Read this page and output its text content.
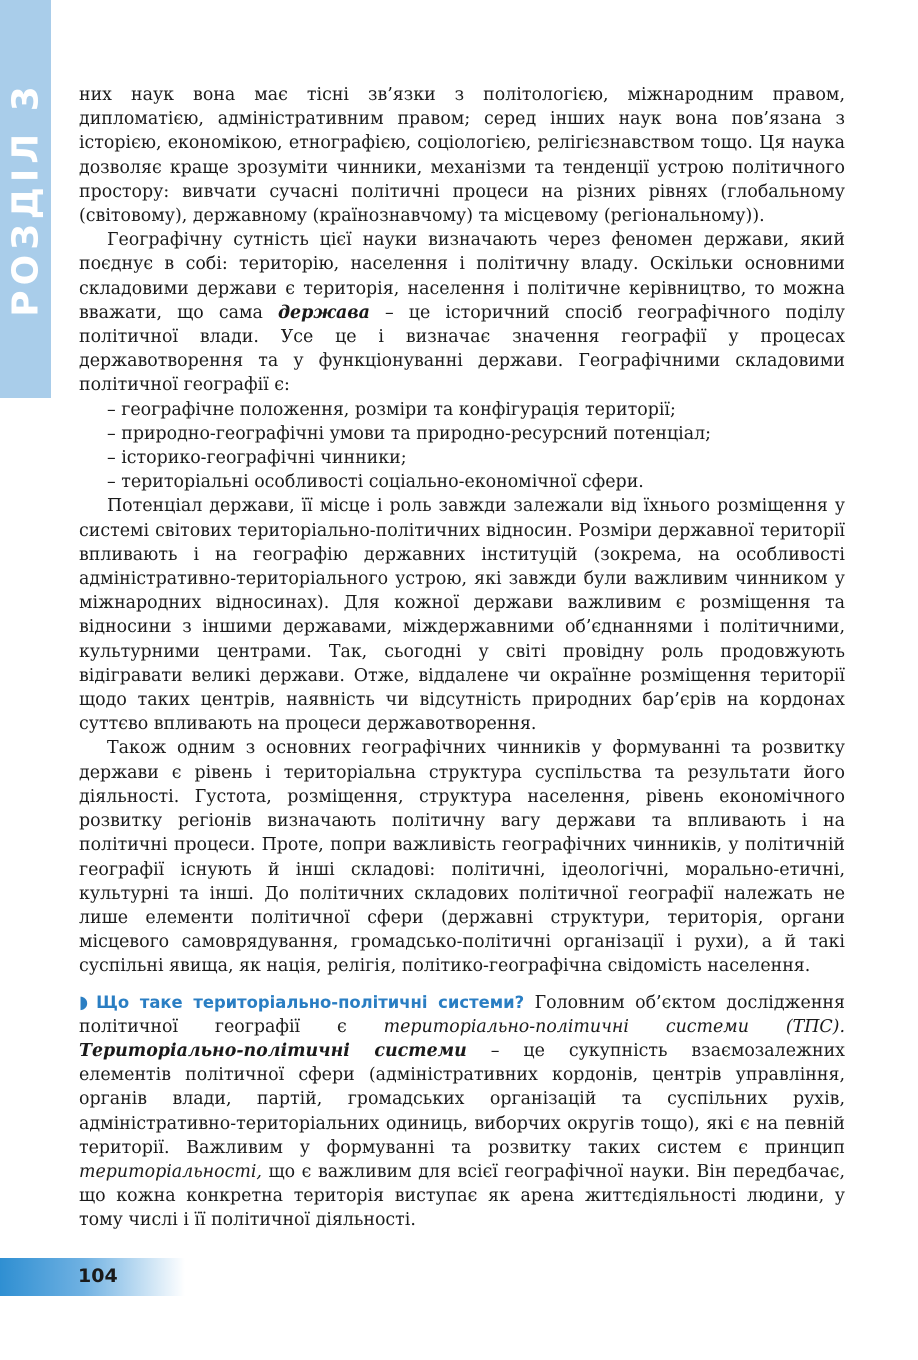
РОЗДІЛ 3 них наук вона має тісні зв’язки з політологією, міжнародним правом, дипломатією, адміністративним правом; серед інших наук вона пов’язана з історією, економікою, етнографією, соціологією, релігієзнавством тощо. Ця наука дозволяє краще зрозуміти чинники, механізми та тенденції устрою політичного простору: вивчати сучасні політичні процеси на різних рівнях (глобальному (світовому), державному (країнознавчому) та місцевому (регіональному)).

Географічну сутність цієї науки визначають через феномен держави, який поєднує в собі: територію, населення і політичну владу. Оскільки основними складовими держави є територія, населення і політичне керівництво, то можна вважати, що сама держава – це історичний спосіб географічного поділу політичної влади. Усе це і визначає значення географії у процесах державотворення та у функціонуванні держави. Географічними складовими політичної географії є:

– географічне положення, розміри та конфігурація території;
– природно-географічні умови та природно-ресурсний потенціал;
– історико-географічні чинники;
– територіальні особливості соціально-економічної сфери.

Потенціал держави, її місце і роль завжди залежали від їхнього розміщення у системі світових територіально-політичних відносин. Розміри державної території впливають і на географію державних інституцій (зокрема, на особливості адміністративно-територіального устрою, які завжди були важливим чинником у міжнародних відносинах). Для кожної держави важливим є розміщення та відносини з іншими державами, міждержавними об’єднаннями і політичними, культурними центрами. Так, сьогодні у світі провідну роль продовжують відігравати великі держави. Отже, віддалене чи окраїнне розміщення території щодо таких центрів, наявність чи відсутність природних бар’єрів на кордонах суттєво впливають на процеси державотворення.

Також одним з основних географічних чинників у формуванні та розвитку держави є рівень і територіальна структура суспільства та результати його діяльності. Густота, розміщення, структура населення, рівень економічного розвитку регіонів визначають політичну вагу держави та впливають і на політичні процеси. Проте, попри важливість географічних чинників, у політичній географії існують й інші складові: політичні, ідеологічні, морально-етичні, культурні та інші. До політичних складових політичної географії належать не лише елементи політичної сфери (державні структури, територія, органи місцевого самоврядування, громадсько-політичні організації і рухи), а й такі суспільні явища, як нація, релігія, політико-географічна свідомість населення.

◗ Що таке територіально-політичні системи? Головним об’єктом дослідження політичної географії є територіально-політичні системи (ТПС). Територіально-політичні системи – це сукупність взаємозалежних елементів політичної сфери (адміністративних кордонів, центрів управління, органів влади, партій, громадських організацій та суспільних рухів, адміністративно-територіальних одиниць, виборчих округів тощо), які є на певній території. Важливим у формуванні та розвитку таких систем є принцип територіальності, що є важливим для всієї географічної науки. Він передбачає, що кожна конкретна територія виступає як арена життєдіяльності людини, у тому числі і її політичної діяльності.

104
